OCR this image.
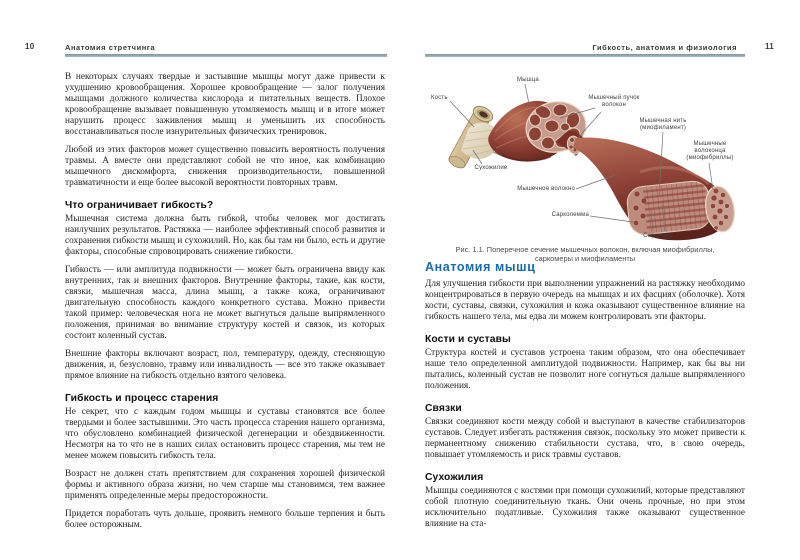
10	Анатомия стретчинга

В некоторых случаях твердые и застывшие мышцы могут даже привести к ухудшению кровообращения. Хорошее кровообращение — залог получения мышцами должного количества кислорода и питательных веществ. Плохое кровообращение вызывает повышенную утомляемость мышц и в итоге может нарушить процесс заживления мышц и уменьшить их способность восстанавливаться после изнурительных физических тренировок.

Любой из этих факторов может существенно повысить вероятность получения травмы. А вместе они представляют собой не что иное, как комбинацию мышечного дискомфорта, снижения производительности, повышенной травматичности и еще более высокой вероятности повторных травм.

Что ограничивает гибкость?

Мышечная система должна быть гибкой, чтобы человек мог достигать наилучших результатов. Растяжка — наиболее эффективный способ развития и сохранения гибкости мышц и сухожилий. Но, как бы там ни было, есть и другие факторы, способные спровоцировать снижение гибкости.

Гибкость — или амплитуда подвижности — может быть ограничена ввиду как внутренних, так и внешних факторов. Внутренние факторы, такие, как кости, связки, мышечная масса, длина мышц, а также кожа, ограничивают двигательную способность каждого конкретного сустава. Можно привести такой пример: человеческая нога не может выгнуться дальше выпрямленного положения, принимая во внимание структуру костей и связок, из которых состоит коленный сустав.

Внешние факторы включают возраст, пол, температуру, одежду, стесняющую движения, и, безусловно, травму или инвалидность — все это также оказывает прямое влияние на гибкость отдельно взятого человека.

Гибкость и процесс старения

Не секрет, что с каждым годом мышцы и суставы становятся все более твердыми и более застывшими. Это часть процесса старения нашего организма, что обусловлено комбинацией физической дегенерации и обездвиженности. Несмотря на то что не в наших силах остановить процесс старения, мы тем не менее можем повысить гибкость тела.

Возраст не должен стать препятствием для сохранения хорошей физической формы и активного образа жизни, но чем старше мы становимся, тем важнее применять определенные меры предосторожности.

Придется поработать чуть дольше, проявить немного больше терпения и быть более осторожным.

11
Гибкость, анатомия и физиология
Кость
Мышца
Мышечный пучок волокон
Мышечная нить (миофиламент)
Мышечные волоконца (миофибриллы)
Сухожилие
Мышечное волокно
Сарколемма
Саркомер
Рис. 1.1. Поперечное сечение мышечных волокон, включая миофибриллы, саркомеры и миофиламенты
Анатомия мышц

Для улучшения гибкости при выполнении упражнений на растяжку необходимо концентрироваться в первую очередь на мышцах и их фасциях (оболочке). Хотя кости, суставы, связки, сухожилия и кожа оказывают существенное влияние на гибкость нашего тела, мы едва ли можем контролировать эти факторы.

Кости и суставы

Структура костей и суставов устроена таким образом, что она обеспечивает наше тело определенной амплитудой подвижности. Например, как бы вы ни пытались, коленный сустав не позволит ноге согнуться дальше выпрямленного положения.

Связки

Связки соединяют кости между собой и выступают в качестве стабилизаторов суставов. Следует избегать растяжения связок, поскольку это может привести к перманентному снижению стабильности сустава, что, в свою очередь, повышает утомляемость и риск травмы суставов.

Сухожилия

Мышцы соединяются с костями при помощи сухожилий, которые представляют собой плотную соединительную ткань. Они очень прочные, но при этом исключительно податливые. Сухожилия также оказывают существенное влияние на ста-
